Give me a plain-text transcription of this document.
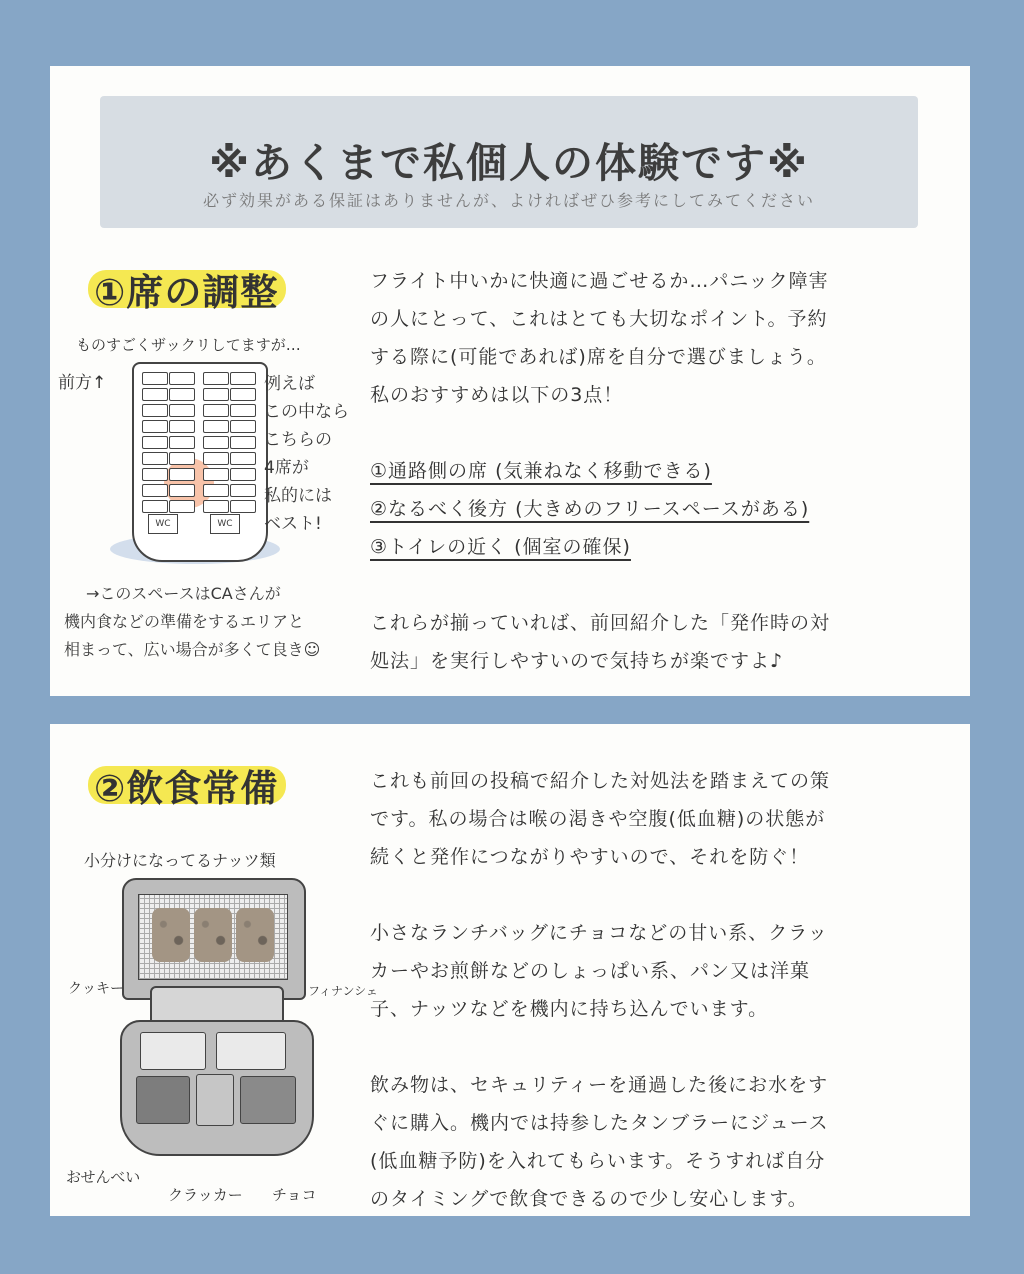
※あくまで私個人の体験です※
必ず効果がある保証はありませんが、よければぜひ参考にしてみてください
①席の調整
ものすごくザックリしてますが…
前方↑
WC	WC
例えば
この中なら
こちらの
4席が
私的には
ベスト!
→このスペースはCAさんが
機内食などの準備をするエリアと
相まって、広い場合が多くて良き☺

フライト中いかに快適に過ごせるか…パニック障害

の人にとって、これはとても大切なポイント。予約

する際に(可能であれば)席を自分で選びましょう。

私のおすすめは以下の3点！

①通路側の席 (気兼ねなく移動できる)

②なるべく後方 (大きめのフリースペースがある)

③トイレの近く (個室の確保)

これらが揃っていれば、前回紹介した「発作時の対

処法」を実行しやすいので気持ちが楽ですよ♪

②飲食常備
小分けになってるナッツ類
クッキー	フィナンシェ
おせんべい
クラッカー チョコ

これも前回の投稿で紹介した対処法を踏まえての策

です。私の場合は喉の渇きや空腹(低血糖)の状態が

続くと発作につながりやすいので、それを防ぐ！

小さなランチバッグにチョコなどの甘い系、クラッ

カーやお煎餅などのしょっぱい系、パン又は洋菓

子、ナッツなどを機内に持ち込んでいます。

飲み物は、セキュリティーを通過した後にお水をす

ぐに購入。機内では持参したタンブラーにジュース

(低血糖予防)を入れてもらいます。そうすれば自分

のタイミングで飲食できるので少し安心します。
